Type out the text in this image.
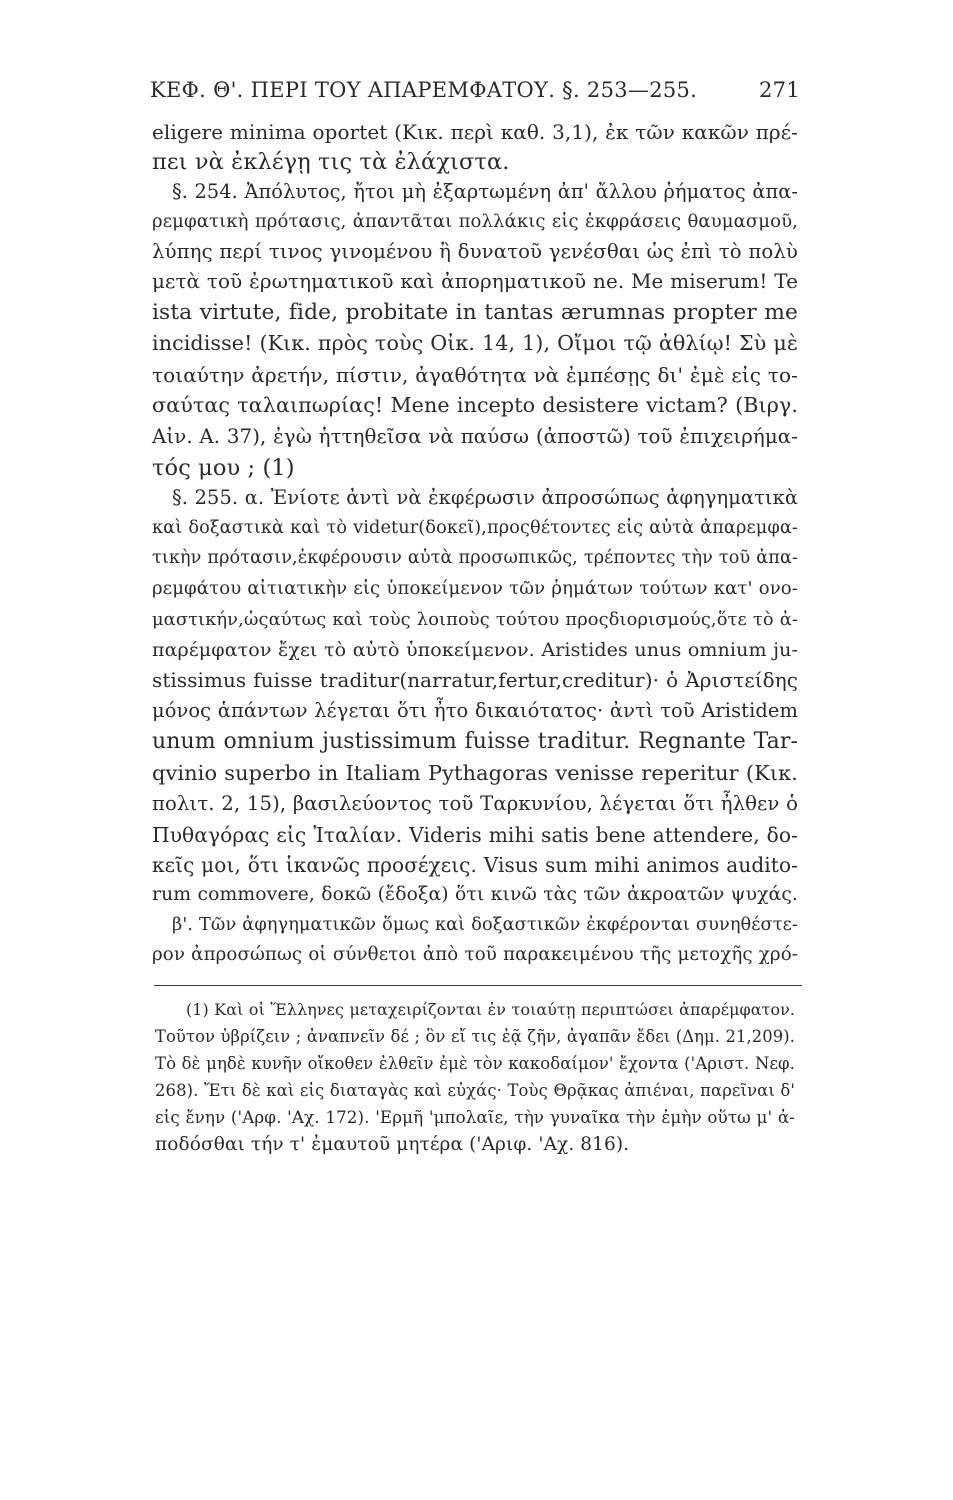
ΚΕΦ. Θ'. ΠΕΡΙ ΤΟΥ ΑΠΑΡΕΜΦΑΤΟΥ. §. 253—255.	271
eligere minima oportet (Κικ. περὶ καθ. 3,1), ἐκ τῶν κακῶν πρέ-
πει νὰ ἐκλέγῃ τις τὰ ἐλάχιστα.
§. 254. Ἀπόλυτος, ἤτοι μὴ ἐξαρτωμένη ἀπ' ἄλλου ῥήματος ἀπα-
ρεμφατικὴ πρότασις, ἀπαντᾶται πολλάκις εἰς ἐκφράσεις θαυμασμοῦ,
λύπης περί τινος γινομένου ἢ δυνατοῦ γενέσθαι ὡς ἐπὶ τὸ πολὺ
μετὰ τοῦ ἐρωτηματικοῦ καὶ ἀπορηματικοῦ ne. Me miserum! Te
ista virtute, fide, probitate in tantas ærumnas propter me
incidisse! (Κικ. πρὸς τοὺς Οἰκ. 14, 1), Οἴμοι τῷ ἀθλίῳ! Σὺ μὲ
τοιαύτην ἀρετήν, πίστιν, ἀγαθότητα νὰ ἐμπέσῃς δι' ἐμὲ εἰς το-
σαύτας ταλαιπωρίας! Mene incepto desistere victam? (Βιργ.
Αἰν. Α. 37), ἐγὼ ἡττηθεῖσα νὰ παύσω (ἀποστῶ) τοῦ ἐπιχειρήμα-
τός μου ; (1)
§. 255. α. Ἐνίοτε ἀντὶ νὰ ἐκφέρωσιν ἀπροσώπως ἀφηγηματικὰ
καὶ δοξαστικὰ καὶ τὸ videtur(δοκεῖ),προςθέτοντες εἰς αὐτὰ ἀπαρεμφα-
τικὴν πρότασιν,ἐκφέρουσιν αὐτὰ προσωπικῶς, τρέποντες τὴν τοῦ ἀπα-
ρεμφάτου αἰτιατικὴν εἰς ὑποκείμενον τῶν ῥημάτων τούτων κατ' ονο-
μαστικήν,ὡςαύτως καὶ τοὺς λοιποὺς τούτου προςδιορισμούς,ὅτε τὸ ἀ-
παρέμφατον ἔχει τὸ αὐτὸ ὑποκείμενον. Aristides unus omnium ju-
stissimus fuisse traditur(narratur,fertur,creditur)· ὁ Ἀριστείδης
μόνος ἁπάντων λέγεται ὅτι ἦτο δικαιότατος· ἀντὶ τοῦ Aristidem
unum omnium justissimum fuisse traditur. Regnante Tar-
qvinio superbo in Italiam Pythagoras venisse reperitur (Κικ.
πολιτ. 2, 15), βασιλεύοντος τοῦ Ταρκυνίου, λέγεται ὅτι ἦλθεν ὁ
Πυθαγόρας εἰς Ἰταλίαν. Videris mihi satis bene attendere, δο-
κεῖς μοι, ὅτι ἱκανῶς προσέχεις. Visus sum mihi animos audito-
rum commovere, δοκῶ (ἔδοξα) ὅτι κινῶ τὰς τῶν ἀκροατῶν ψυχάς.
β'. Τῶν ἀφηγηματικῶν ὅμως καὶ δοξαστικῶν ἐκφέρονται συνηθέστε-
ρον ἀπροσώπως οἱ σύνθετοι ἀπὸ τοῦ παρακειμένου τῆς μετοχῆς χρό-
(1) Καὶ οἱ Ἕλληνες μεταχειρίζονται ἐν τοιαύτῃ περιπτώσει ἀπαρέμφατον.
Τοῦτον ὑβρίζειν ; ἀναπνεῖν δέ ; ὃν εἴ τις ἐᾷ ζῆν, ἀγαπᾶν ἔδει (Δημ. 21,209).
Τὸ δὲ μηδὲ κυνῆν οἴκοθεν ἐλθεῖν ἐμὲ τὸν κακοδαίμον' ἔχοντα ('Αριστ. Νεφ.
268). Ἔτι δὲ καὶ εἰς διαταγὰς καὶ εὐχάς· Τοὺς Θρᾷκας ἀπιέναι, παρεῖναι δ'
εἰς ἔνην ('Αρφ. 'Αχ. 172). 'Ερμῆ 'μπολαῖε, τὴν γυναῖκα τὴν ἐμὴν οὕτω μ' ἀ-
ποδόσθαι τήν τ' ἐμαυτοῦ μητέρα ('Αριφ. 'Αχ. 816).
